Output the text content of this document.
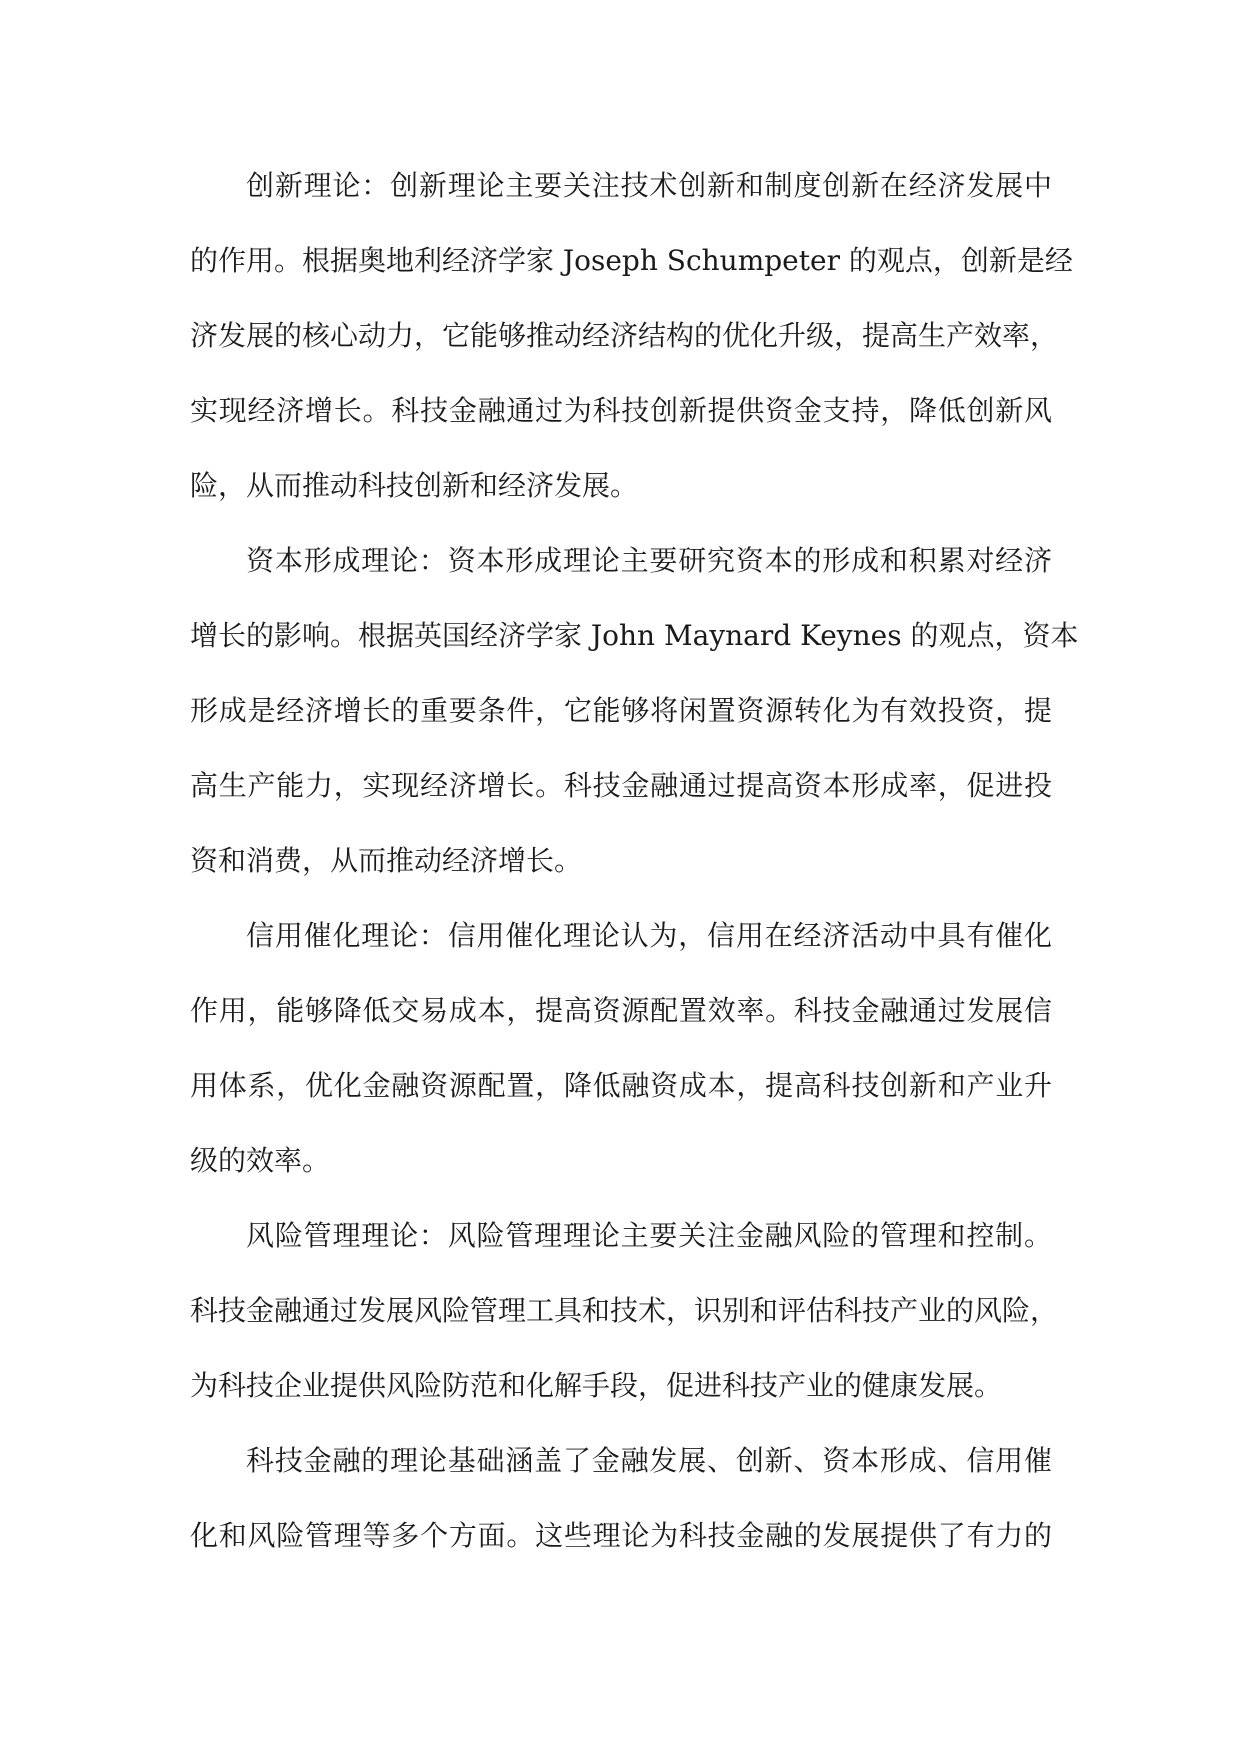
创新理论：创新理论主要关注技术创新和制度创新在经济发展中

的作用。根据奥地利经济学家 Joseph Schumpeter 的观点，创新是经

济发展的核心动力，它能够推动经济结构的优化升级，提高生产效率，

实现经济增长。科技金融通过为科技创新提供资金支持，降低创新风

险，从而推动科技创新和经济发展。

资本形成理论：资本形成理论主要研究资本的形成和积累对经济

增长的影响。根据英国经济学家 John Maynard Keynes 的观点，资本

形成是经济增长的重要条件，它能够将闲置资源转化为有效投资，提

高生产能力，实现经济增长。科技金融通过提高资本形成率，促进投

资和消费，从而推动经济增长。

信用催化理论：信用催化理论认为，信用在经济活动中具有催化

作用，能够降低交易成本，提高资源配置效率。科技金融通过发展信

用体系，优化金融资源配置，降低融资成本，提高科技创新和产业升

级的效率。

风险管理理论：风险管理理论主要关注金融风险的管理和控制。

科技金融通过发展风险管理工具和技术，识别和评估科技产业的风险，

为科技企业提供风险防范和化解手段，促进科技产业的健康发展。

科技金融的理论基础涵盖了金融发展、创新、资本形成、信用催

化和风险管理等多个方面。这些理论为科技金融的发展提供了有力的
